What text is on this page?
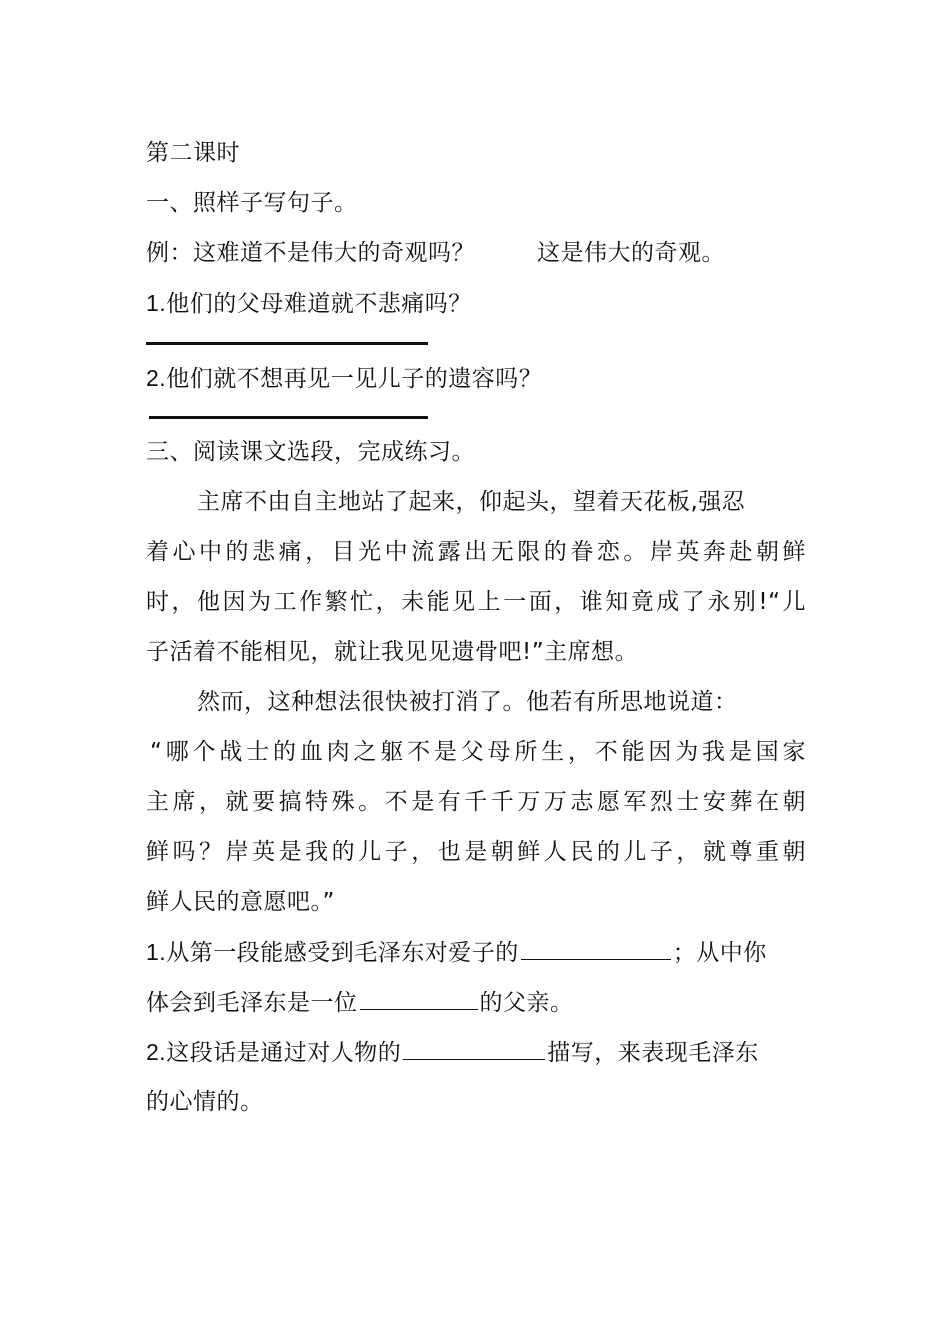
第二课时
一、照样子写句子。
例：这难道不是伟大的奇观吗？	这是伟大的奇观。
1.他们的父母难道就不悲痛吗？
2.他们就不想再见一见儿子的遗容吗？
三、阅读课文选段，完成练习。
主席不由自主地站了起来，仰起头，望着天花板,强忍
着心中的悲痛，目光中流露出无限的眷恋。岸英奔赴朝鲜
时，他因为工作繁忙，未能见上一面，谁知竟成了永别!“儿
子活着不能相见，就让我见见遗骨吧!”主席想。
然而，这种想法很快被打消了。他若有所思地说道：
“哪个战士的血肉之躯不是父母所生，不能因为我是国家
主席，就要搞特殊。不是有千千万万志愿军烈士安葬在朝
鲜吗？岸英是我的儿子，也是朝鲜人民的儿子，就尊重朝
鲜人民的意愿吧。”
1.从第一段能感受到毛泽东对爱子的	；从中你
体会到毛泽东是一位	的父亲。
2.这段话是通过对人物的	描写，来表现毛泽东
的心情的。
